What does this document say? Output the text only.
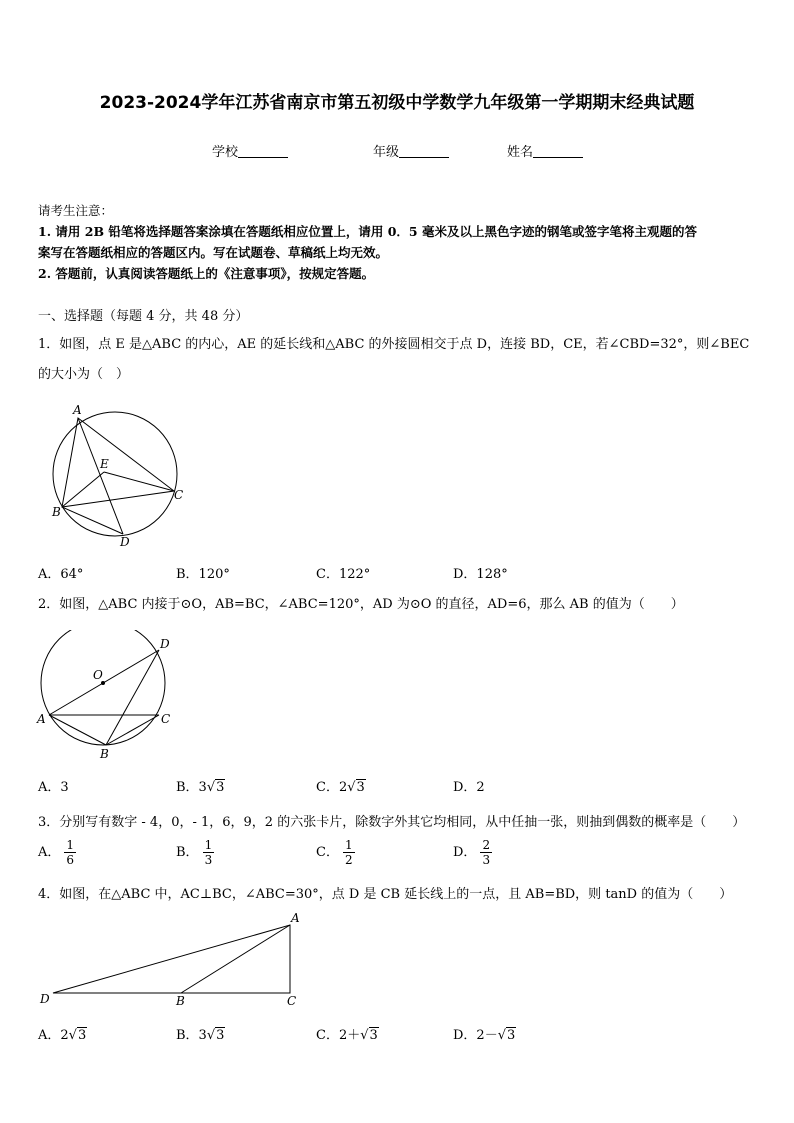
2023-2024学年江苏省南京市第五初级中学数学九年级第一学期期末经典试题
学校	年级	姓名
请考生注意：
1. 请用 2B 铅笔将选择题答案涂填在答题纸相应位置上，请用 0．5 毫米及以上黑色字迹的钢笔或签字笔将主观题的答
案写在答题纸相应的答题区内。写在试题卷、草稿纸上均无效。
2. 答题前，认真阅读答题纸上的《注意事项》，按规定答题。
一、选择题（每题 4 分，共 48 分）
1．如图，点 E 是△ABC 的内心，AE 的延长线和△ABC 的外接圆相交于点 D，连接 BD，CE，若∠CBD=32°，则∠BEC
的大小为（　）
A
B
C
D
E
A．64°	B．120°	C．122°	D．128°
2．如图，△ABC 内接于⊙O，AB=BC，∠ABC=120°，AD 为⊙O 的直径，AD=6，那么 AB 的值为（　　）
O
D
A	C
B
A．3	B．3√3	C．2√3	D．2
3．分别写有数字 - 4，0，- 1，6，9，2 的六张卡片，除数字外其它均相同，从中任抽一张，则抽到偶数的概率是（　　）
A． $\frac{1}{6}$	B． $\frac{1}{3}$	C． $\frac{1}{2}$	D． $\frac{2}{3}$
4．如图，在△ABC 中，AC⊥BC，∠ABC=30°，点 D 是 CB 延长线上的一点，且 AB=BD，则 tanD 的值为（　　）
A
D	B	C
A．2√3	B．3√3	C．2＋√3	D．2－√3
